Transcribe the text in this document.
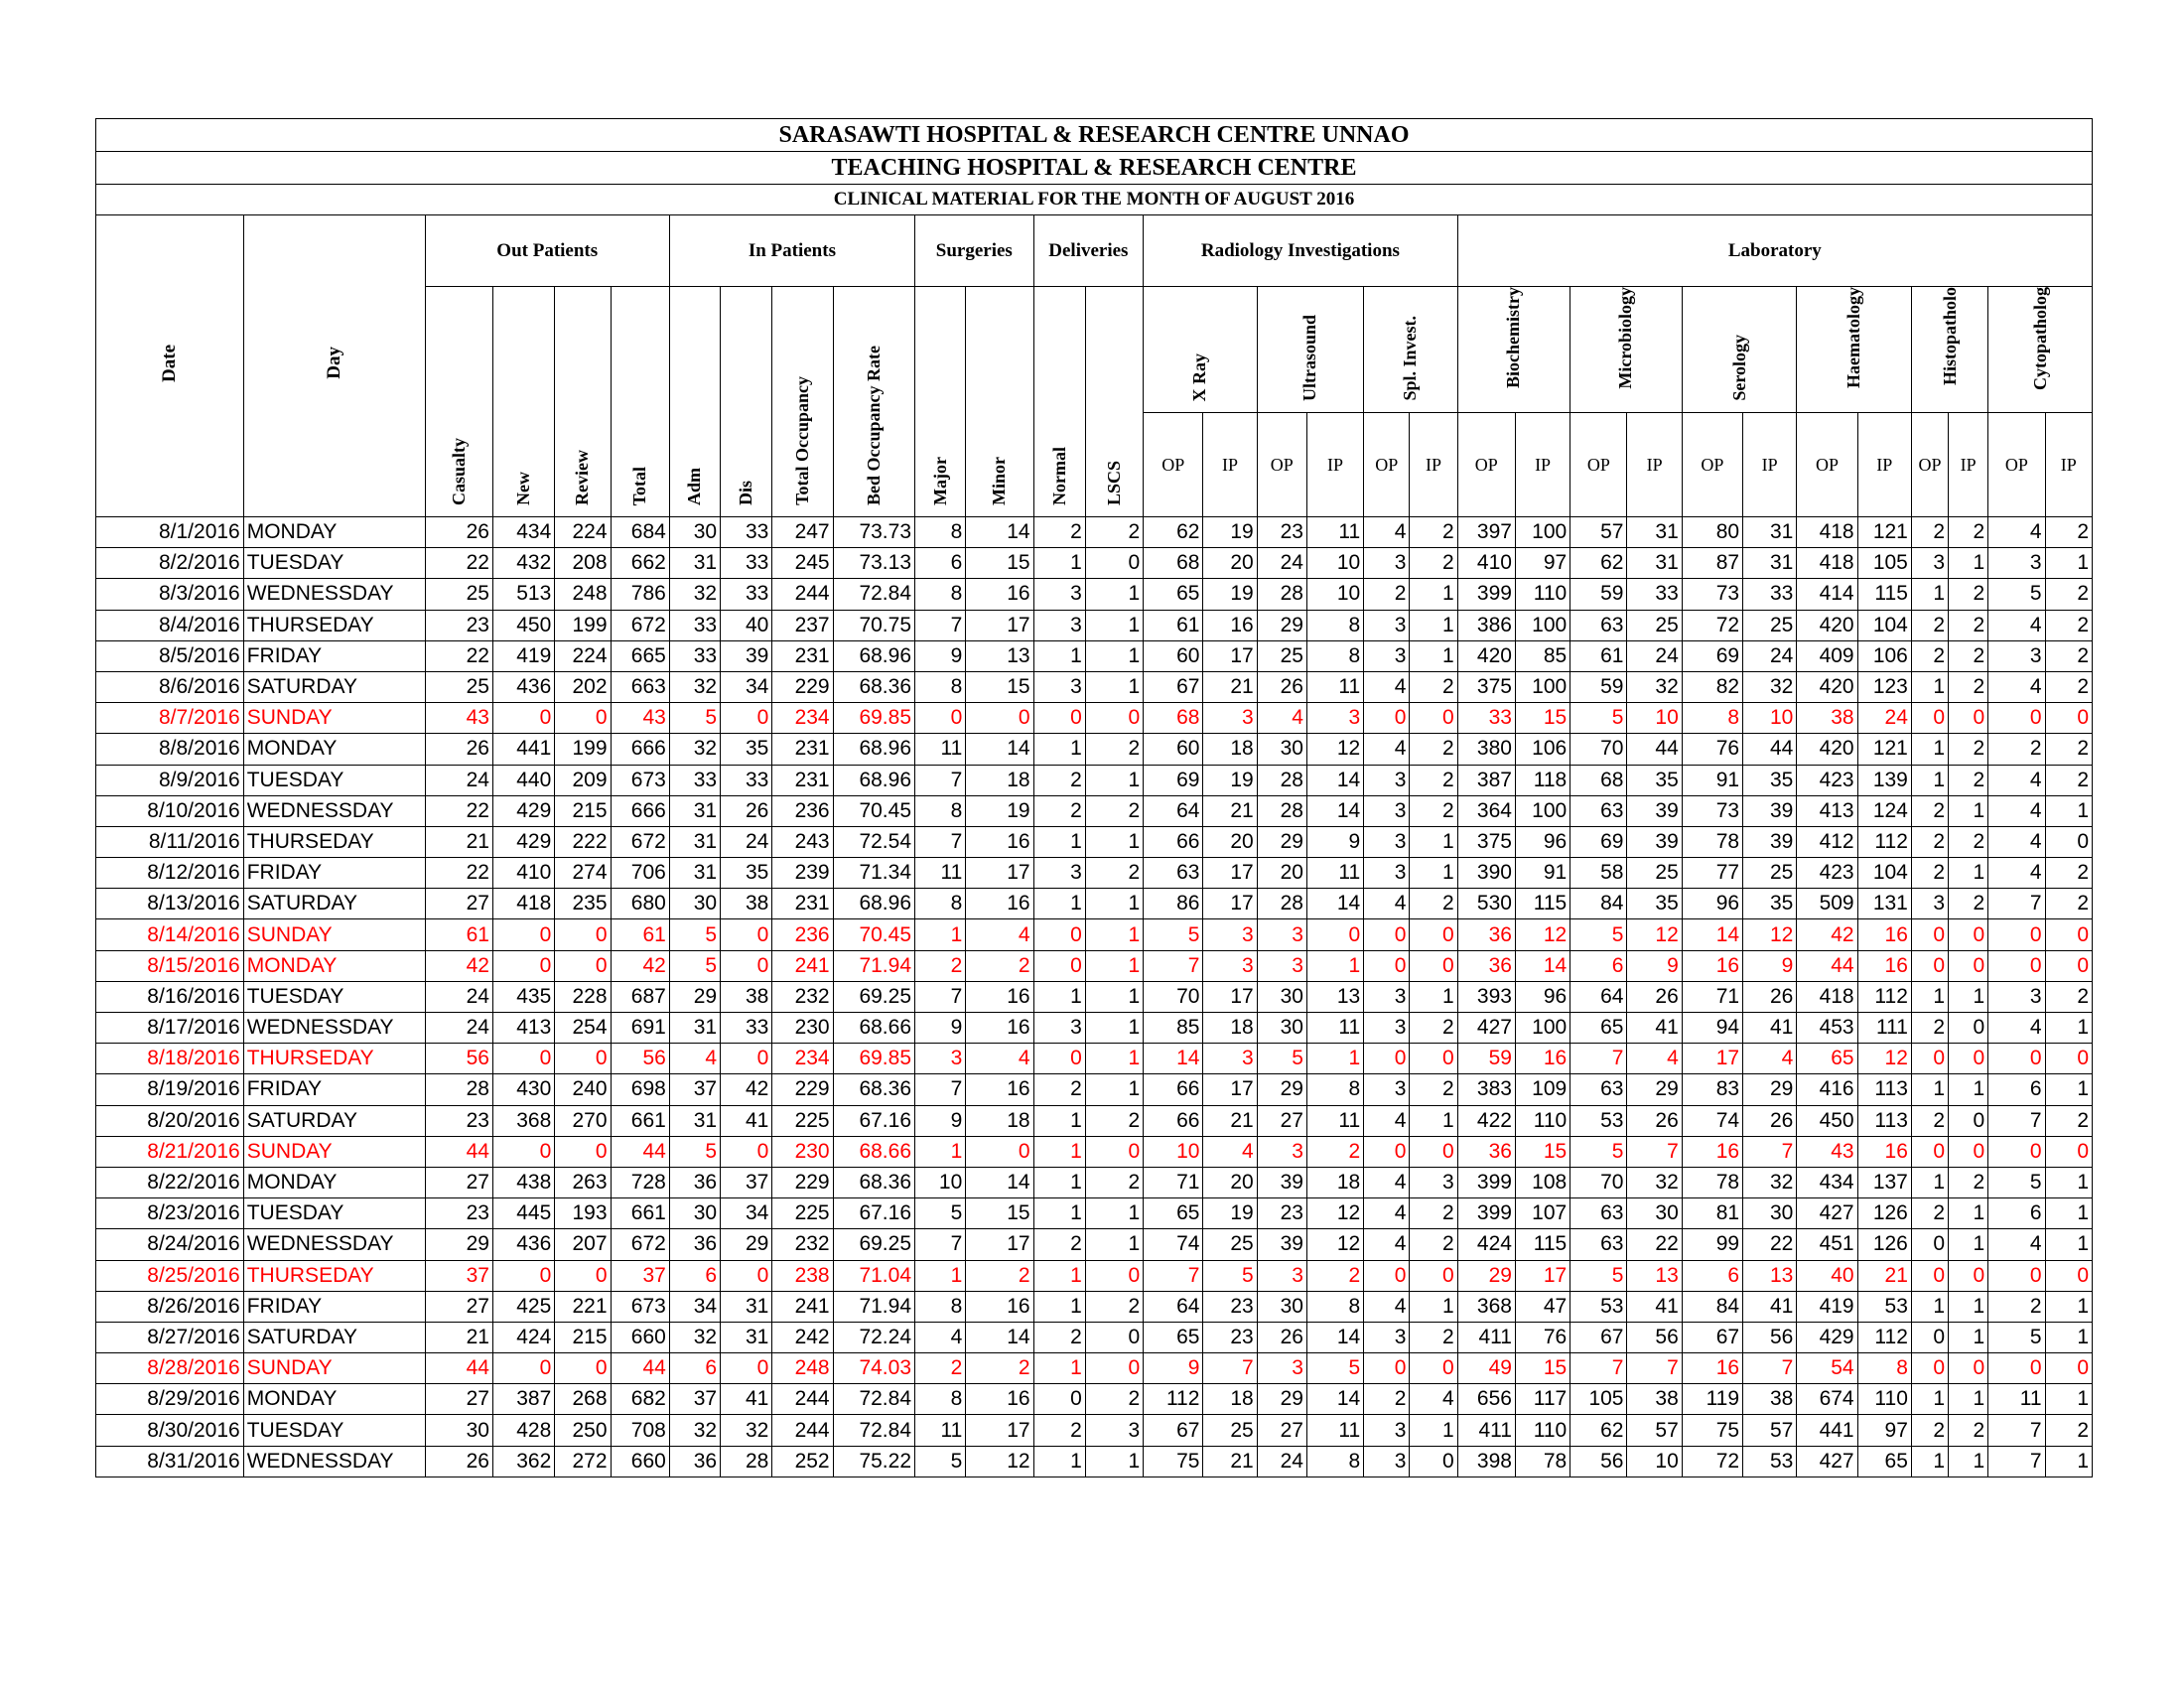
SARASAWTI HOSPITAL & RESEARCH CENTRE UNNAO																															
TEACHING HOSPITAL & RESEARCH CENTRE																															
CLINICAL MATERIAL FOR THE MONTH OF AUGUST 2016																															
Date	Day	Out Patients				In Patients				Surgeries		Deliveries		Radiology Investigations						Laboratory											
		Casualty	New	Review	Total	Adm	Dis	Total Occupancy	Bed Occupancy Rate	Major	Minor	Normal	LSCS	X Ray		Ultrasound		Spl. Invest.		Biochemistry		Microbiology		Serology		Haematology		Histopatholo		Cytopatholog	
														OP	IP	OP	IP	OP	IP	OP	IP	OP	IP	OP	IP	OP	IP	OP	IP	OP	IP
8/1/2016	MONDAY	26	434	224	684	30	33	247	73.73	8	14	2	2	62	19	23	11	4	2	397	100	57	31	80	31	418	121	2	2	4	2
8/2/2016	TUESDAY	22	432	208	662	31	33	245	73.13	6	15	1	0	68	20	24	10	3	2	410	97	62	31	87	31	418	105	3	1	3	1
8/3/2016	WEDNESSDAY	25	513	248	786	32	33	244	72.84	8	16	3	1	65	19	28	10	2	1	399	110	59	33	73	33	414	115	1	2	5	2
8/4/2016	THURSEDAY	23	450	199	672	33	40	237	70.75	7	17	3	1	61	16	29	8	3	1	386	100	63	25	72	25	420	104	2	2	4	2
8/5/2016	FRIDAY	22	419	224	665	33	39	231	68.96	9	13	1	1	60	17	25	8	3	1	420	85	61	24	69	24	409	106	2	2	3	2
8/6/2016	SATURDAY	25	436	202	663	32	34	229	68.36	8	15	3	1	67	21	26	11	4	2	375	100	59	32	82	32	420	123	1	2	4	2
8/7/2016	SUNDAY	43	0	0	43	5	0	234	69.85	0	0	0	0	68	3	4	3	0	0	33	15	5	10	8	10	38	24	0	0	0	0
8/8/2016	MONDAY	26	441	199	666	32	35	231	68.96	11	14	1	2	60	18	30	12	4	2	380	106	70	44	76	44	420	121	1	2	2	2
8/9/2016	TUESDAY	24	440	209	673	33	33	231	68.96	7	18	2	1	69	19	28	14	3	2	387	118	68	35	91	35	423	139	1	2	4	2
8/10/2016	WEDNESSDAY	22	429	215	666	31	26	236	70.45	8	19	2	2	64	21	28	14	3	2	364	100	63	39	73	39	413	124	2	1	4	1
8/11/2016	THURSEDAY	21	429	222	672	31	24	243	72.54	7	16	1	1	66	20	29	9	3	1	375	96	69	39	78	39	412	112	2	2	4	0
8/12/2016	FRIDAY	22	410	274	706	31	35	239	71.34	11	17	3	2	63	17	20	11	3	1	390	91	58	25	77	25	423	104	2	1	4	2
8/13/2016	SATURDAY	27	418	235	680	30	38	231	68.96	8	16	1	1	86	17	28	14	4	2	530	115	84	35	96	35	509	131	3	2	7	2
8/14/2016	SUNDAY	61	0	0	61	5	0	236	70.45	1	4	0	1	5	3	3	0	0	0	36	12	5	12	14	12	42	16	0	0	0	0
8/15/2016	MONDAY	42	0	0	42	5	0	241	71.94	2	2	0	1	7	3	3	1	0	0	36	14	6	9	16	9	44	16	0	0	0	0
8/16/2016	TUESDAY	24	435	228	687	29	38	232	69.25	7	16	1	1	70	17	30	13	3	1	393	96	64	26	71	26	418	112	1	1	3	2
8/17/2016	WEDNESSDAY	24	413	254	691	31	33	230	68.66	9	16	3	1	85	18	30	11	3	2	427	100	65	41	94	41	453	111	2	0	4	1
8/18/2016	THURSEDAY	56	0	0	56	4	0	234	69.85	3	4	0	1	14	3	5	1	0	0	59	16	7	4	17	4	65	12	0	0	0	0
8/19/2016	FRIDAY	28	430	240	698	37	42	229	68.36	7	16	2	1	66	17	29	8	3	2	383	109	63	29	83	29	416	113	1	1	6	1
8/20/2016	SATURDAY	23	368	270	661	31	41	225	67.16	9	18	1	2	66	21	27	11	4	1	422	110	53	26	74	26	450	113	2	0	7	2
8/21/2016	SUNDAY	44	0	0	44	5	0	230	68.66	1	0	1	0	10	4	3	2	0	0	36	15	5	7	16	7	43	16	0	0	0	0
8/22/2016	MONDAY	27	438	263	728	36	37	229	68.36	10	14	1	2	71	20	39	18	4	3	399	108	70	32	78	32	434	137	1	2	5	1
8/23/2016	TUESDAY	23	445	193	661	30	34	225	67.16	5	15	1	1	65	19	23	12	4	2	399	107	63	30	81	30	427	126	2	1	6	1
8/24/2016	WEDNESSDAY	29	436	207	672	36	29	232	69.25	7	17	2	1	74	25	39	12	4	2	424	115	63	22	99	22	451	126	0	1	4	1
8/25/2016	THURSEDAY	37	0	0	37	6	0	238	71.04	1	2	1	0	7	5	3	2	0	0	29	17	5	13	6	13	40	21	0	0	0	0
8/26/2016	FRIDAY	27	425	221	673	34	31	241	71.94	8	16	1	2	64	23	30	8	4	1	368	47	53	41	84	41	419	53	1	1	2	1
8/27/2016	SATURDAY	21	424	215	660	32	31	242	72.24	4	14	2	0	65	23	26	14	3	2	411	76	67	56	67	56	429	112	0	1	5	1
8/28/2016	SUNDAY	44	0	0	44	6	0	248	74.03	2	2	1	0	9	7	3	5	0	0	49	15	7	7	16	7	54	8	0	0	0	0
8/29/2016	MONDAY	27	387	268	682	37	41	244	72.84	8	16	0	2	112	18	29	14	2	4	656	117	105	38	119	38	674	110	1	1	11	1
8/30/2016	TUESDAY	30	428	250	708	32	32	244	72.84	11	17	2	3	67	25	27	11	3	1	411	110	62	57	75	57	441	97	2	2	7	2
8/31/2016	WEDNESSDAY	26	362	272	660	36	28	252	75.22	5	12	1	1	75	21	24	8	3	0	398	78	56	10	72	53	427	65	1	1	7	1
